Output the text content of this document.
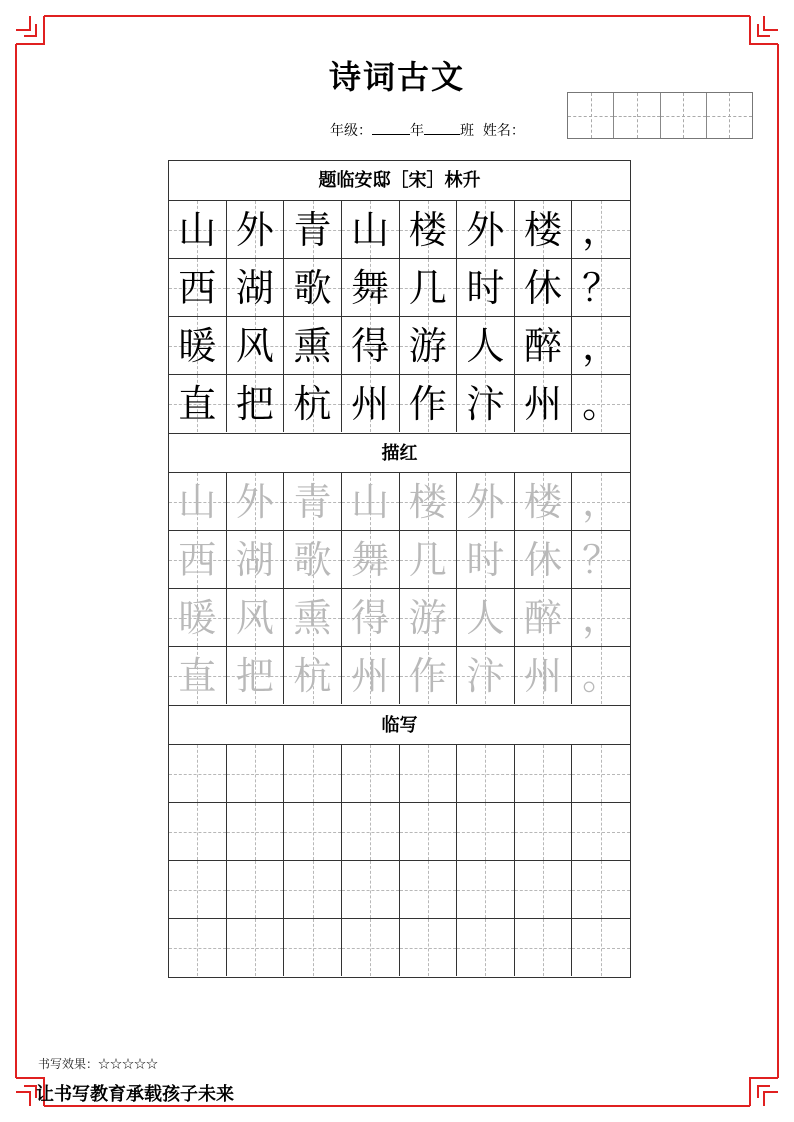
诗词古文
年级：	年	班 姓名：
题临安邸［宋］林升
山 外 青 山 楼 外 楼 ，
西 湖 歌 舞 几 时 休 ？
暖 风 熏 得 游 人 醉 ，
直 把 杭 州 作 汴 州 。
描红
山 外 青 山 楼 外 楼 ，
西 湖 歌 舞 几 时 休 ？
暖 风 熏 得 游 人 醉 ，
直 把 杭 州 作 汴 州 。
临写
书写效果：☆☆☆☆☆
让书写教育承载孩子未来
